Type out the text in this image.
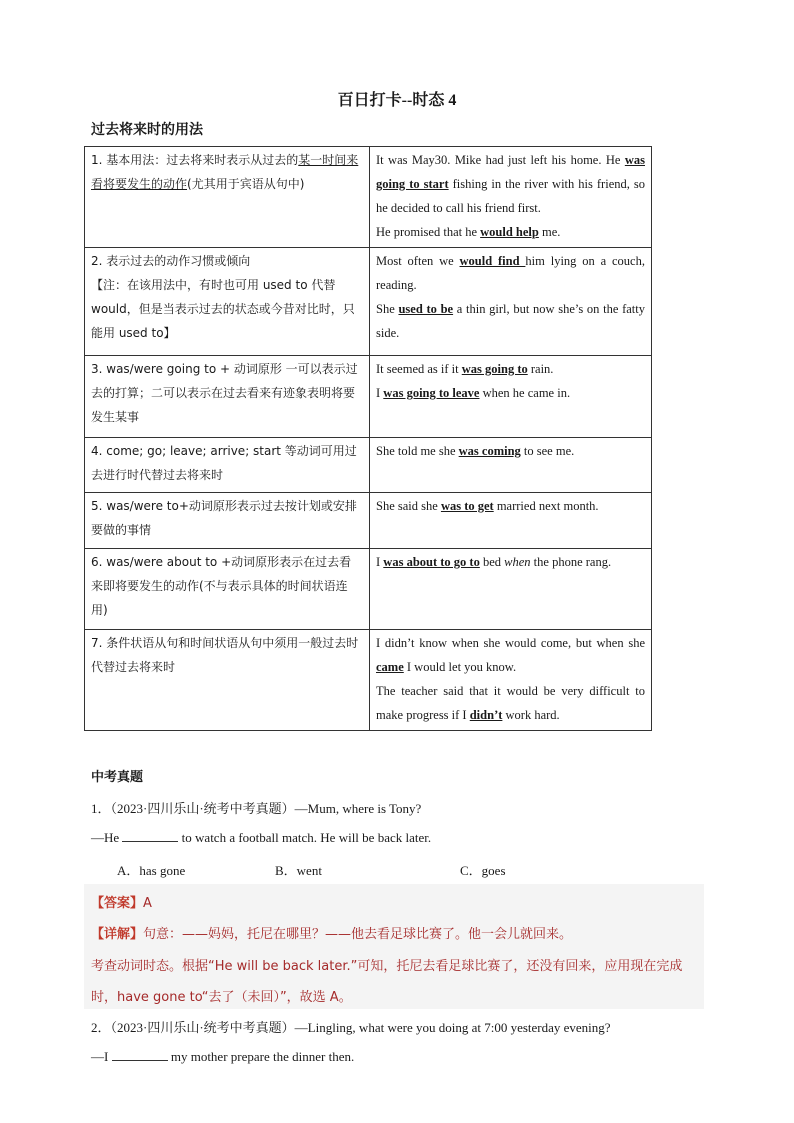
百日打卡--时态 4
过去将来时的用法
1. 基本用法：过去将来时表示从过去的某一时间来看将要发生的动作(尤其用于宾语从句中)	It was May30. Mike had just left his home. He was going to start fishing in the river with his friend, so he decided to call his friend first.
He promised that he would help me.
2. 表示过去的动作习惯或倾向
【注：在该用法中，有时也可用 used to 代替would，但是当表示过去的状态或今昔对比时，只能用 used to】	Most often we would find him lying on a couch, reading.
She used to be a thin girl, but now she’s on the fatty side.
3. was/were going to + 动词原形 一可以表示过去的打算；二可以表示在过去看来有迹象表明将要发生某事	It seemed as if it was going to rain.
I was going to leave when he came in.
4. come; go; leave; arrive; start 等动词可用过去进行时代替过去将来时	She told me she was coming to see me.
5. was/were to+动词原形表示过去按计划或安排要做的事情	She said she was to get married next month.
6. was/were about to +动词原形表示在过去看来即将要发生的动作(不与表示具体的时间状语连用)	I was about to go to bed when the phone rang.
7. 条件状语从句和时间状语从句中须用一般过去时代替过去将来时	I didn’t know when she would come, but when she came I would let you know.
The teacher said that it would be very difficult to make progress if I didn’t work hard.
中考真题
1．（2023·四川乐山·统考中考真题）—Mum, where is Tony?
—He	to watch a football match. He will be back later.
A．has gone	B．went	C．goes
【答案】A
【详解】句意：——妈妈，托尼在哪里？——他去看足球比赛了。他一会儿就回来。
考查动词时态。根据“He will be back later.”可知，托尼去看足球比赛了，还没有回来，应用现在完成
时，have gone to“去了（未回）”，故选 A。
2．（2023·四川乐山·统考中考真题）—Lingling, what were you doing at 7:00 yesterday evening?
—I	my mother prepare the dinner then.
